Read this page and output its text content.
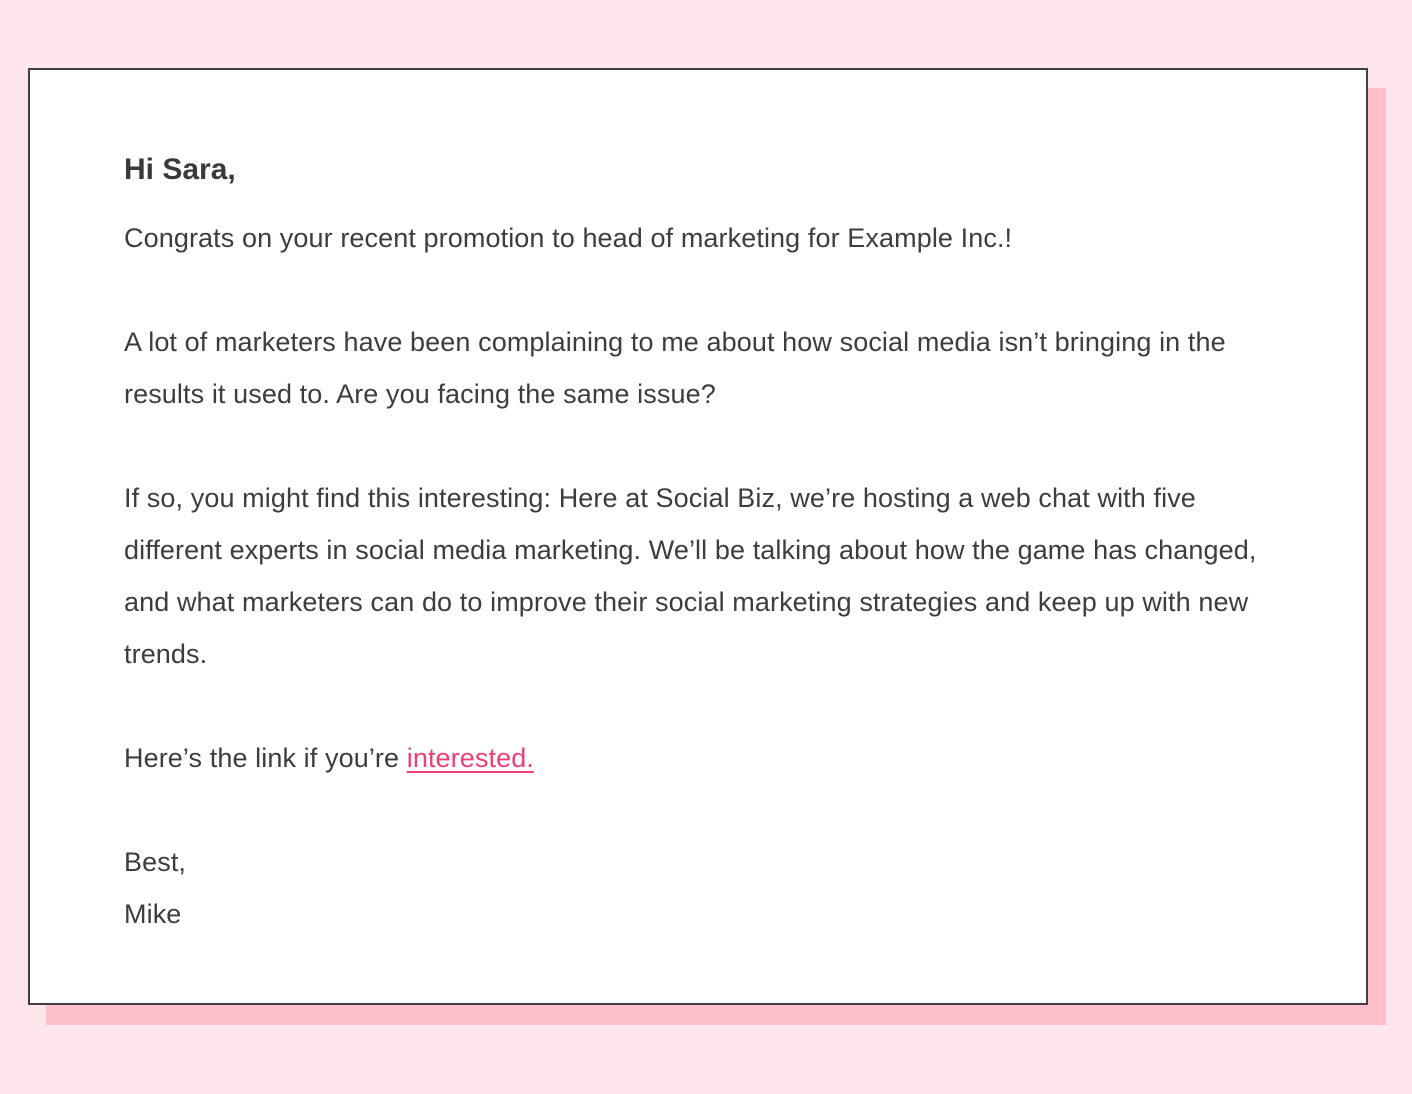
Hi Sara,

Congrats on your recent promotion to head of marketing for Example Inc.!

A lot of marketers have been complaining to me about how social media isn’t bringing in the results it used to. Are you facing the same issue?

If so, you might find this interesting: Here at Social Biz, we’re hosting a web chat with five different experts in social media marketing. We’ll be talking about how the game has changed, and what marketers can do to improve their social marketing strategies and keep up with new trends.

Here’s the link if you’re interested.

Best,
Mike
